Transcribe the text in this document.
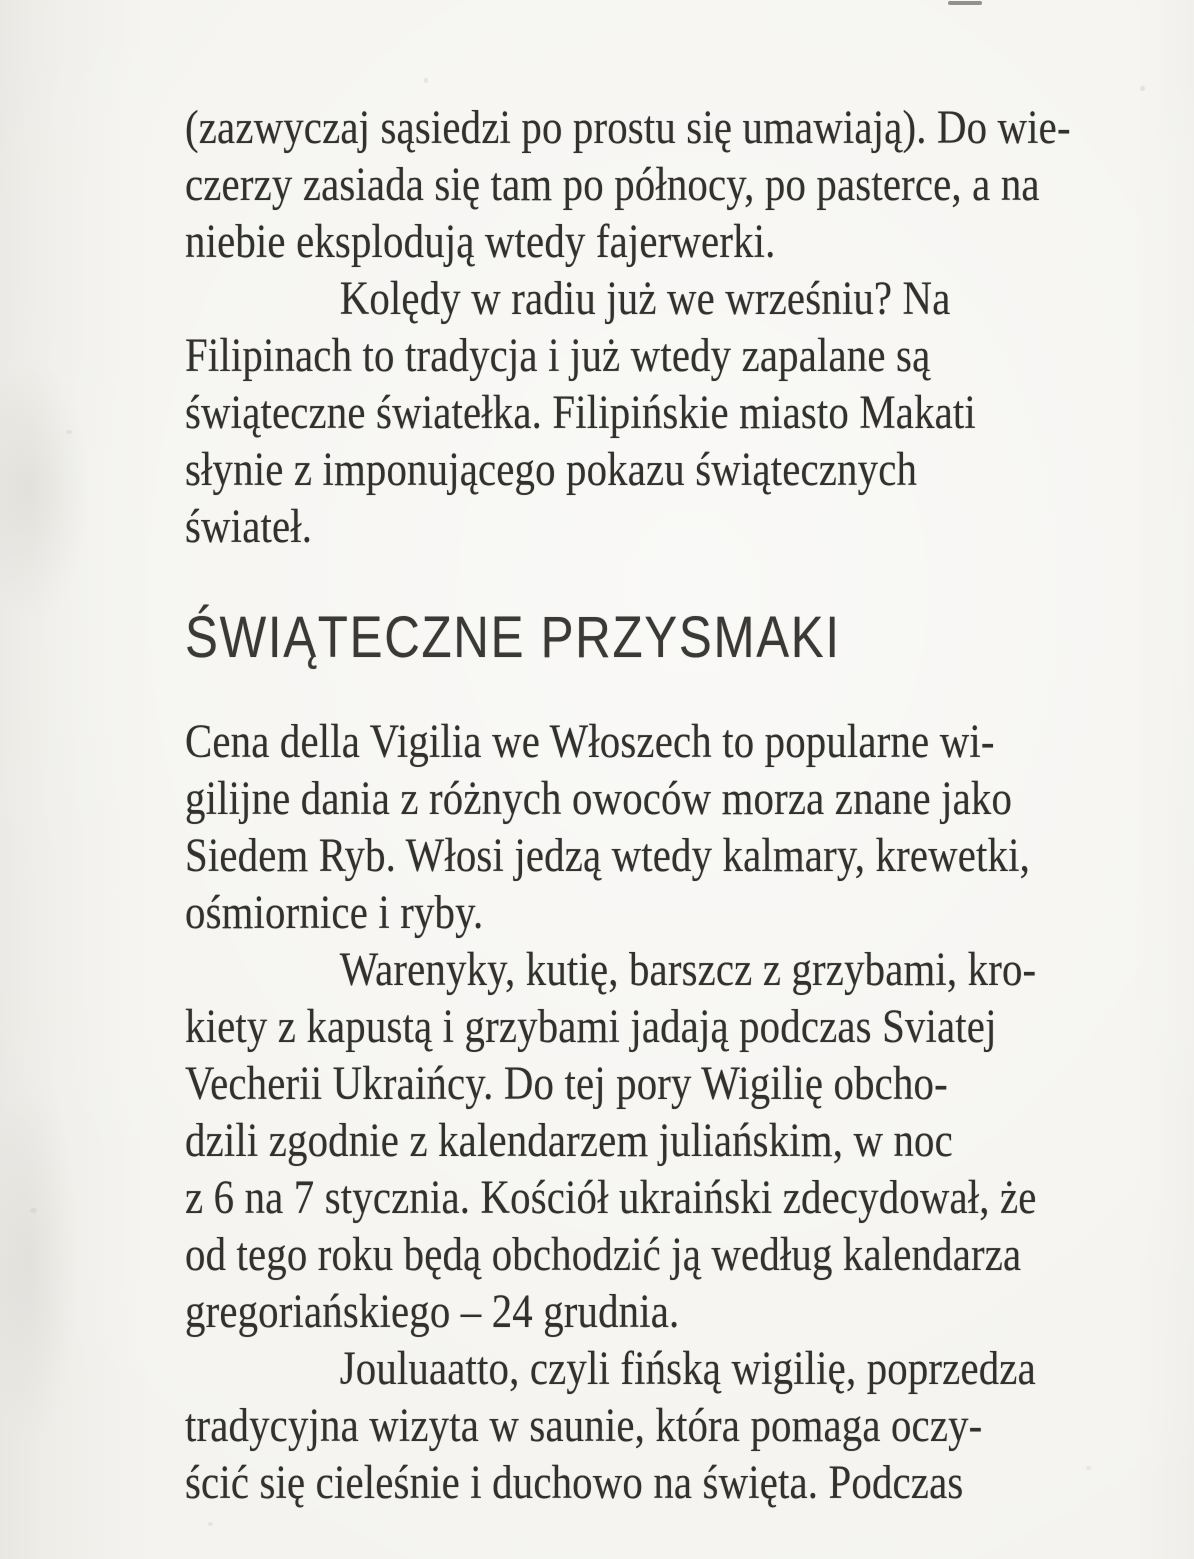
(zazwyczaj sąsiedzi po prostu się umawiają). Do wie-
czerzy zasiada się tam po północy, po pasterce, a na
niebie eksplodują wtedy fajerwerki.
Kolędy w radiu już we wrześniu? Na
Filipinach to tradycja i już wtedy zapalane są
świąteczne światełka. Filipińskie miasto Makati
słynie z imponującego pokazu świątecznych
świateł.
ŚWIĄTECZNE PRZYSMAKI
Cena della Vigilia we Włoszech to popularne wi-
gilijne dania z różnych owoców morza znane jako
Siedem Ryb. Włosi jedzą wtedy kalmary, krewetki,
ośmiornice i ryby.
Warenyky, kutię, barszcz z grzybami, kro-
kiety z kapustą i grzybami jadają podczas Sviatej
Vecherii Ukraińcy. Do tej pory Wigilię obcho-
dzili zgodnie z kalendarzem juliańskim, w noc
z 6 na 7 stycznia. Kościół ukraiński zdecydował, że
od tego roku będą obchodzić ją według kalendarza
gregoriańskiego – 24 grudnia.
Jouluaatto, czyli fińską wigilię, poprzedza
tradycyjna wizyta w saunie, która pomaga oczy-
ścić się cieleśnie i duchowo na święta. Podczas
